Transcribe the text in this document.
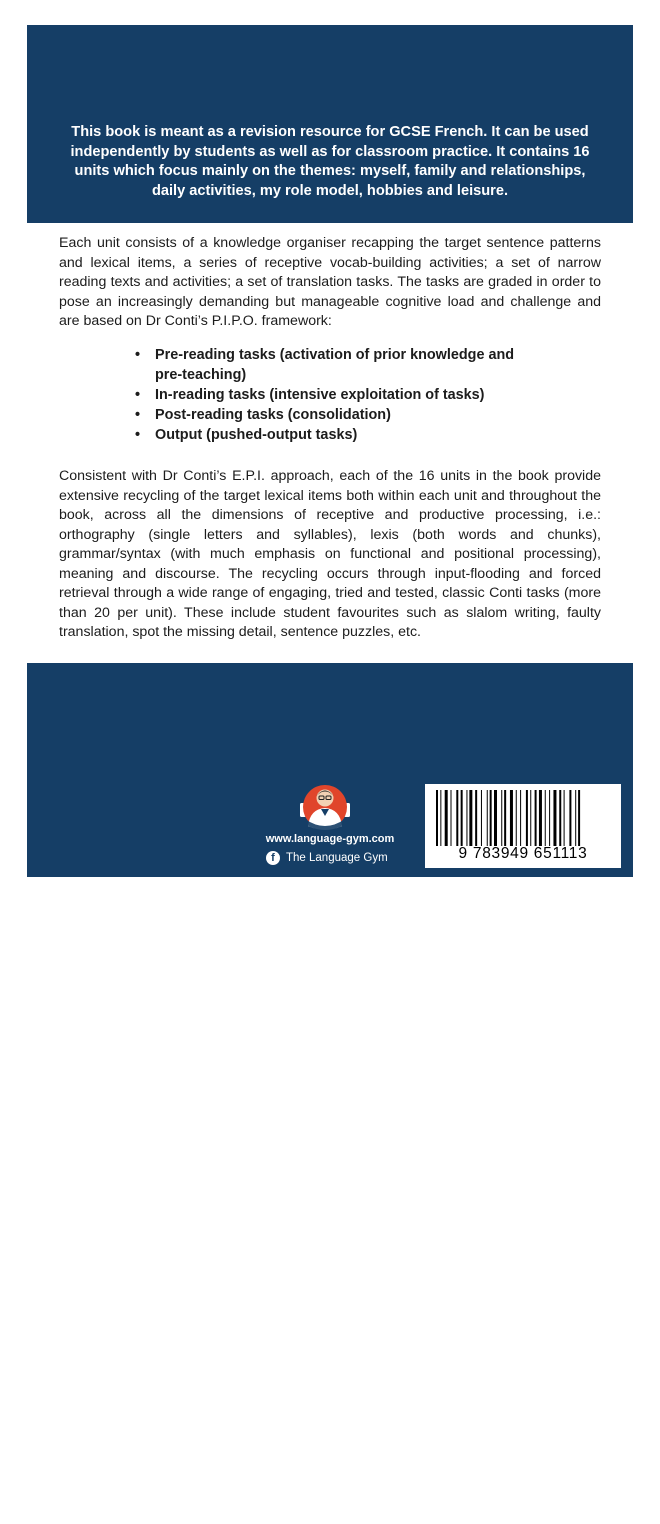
This book is meant as a revision resource for GCSE French. It can be used independently by students as well as for classroom practice. It contains 16 units which focus mainly on the themes: myself, family and relationships, daily activities, my role model, hobbies and leisure.

Each unit consists of a knowledge organiser recapping the target sentence patterns and lexical items, a series of receptive vocab-building activities; a set of narrow reading texts and activities; a set of translation tasks. The tasks are graded in order to pose an increasingly demanding but manageable cognitive load and challenge and are based on Dr Conti’s P.I.P.O. framework:

• Pre-reading tasks (activation of prior knowledge and
pre-teaching)
• In-reading tasks (intensive exploitation of tasks)
• Post-reading tasks (consolidation)
• Output (pushed-output tasks)

Consistent with Dr Conti’s E.P.I. approach, each of the 16 units in the book provide extensive recycling of the target lexical items both within each unit and throughout the book, across all the dimensions of receptive and productive processing, i.e.: orthography (single letters and syllables), lexis (both words and chunks), grammar/syntax (with much emphasis on functional and positional processing), meaning and discourse. The recycling occurs through input-flooding and forced retrieval through a wide range of engaging, tried and tested, classic Conti tasks (more than 20 per unit). These include student favourites such as slalom writing, faulty translation, spot the missing detail, sentence puzzles, etc.

Please note that The Language Gym www.language-gym.com website is an ideal supplement to this booklet. Our website recycles every single lexical and structural item found in this book many times over via self-marking vocabulary and reading workouts, in addition to engaging and fun games and a powerful verb trainer.

For orders and enquiries,
please contact us at
language-gym@piefke-trading.com
RRP: £22.00
www.language-gym.com
f The Language Gym	9 783949 651113
